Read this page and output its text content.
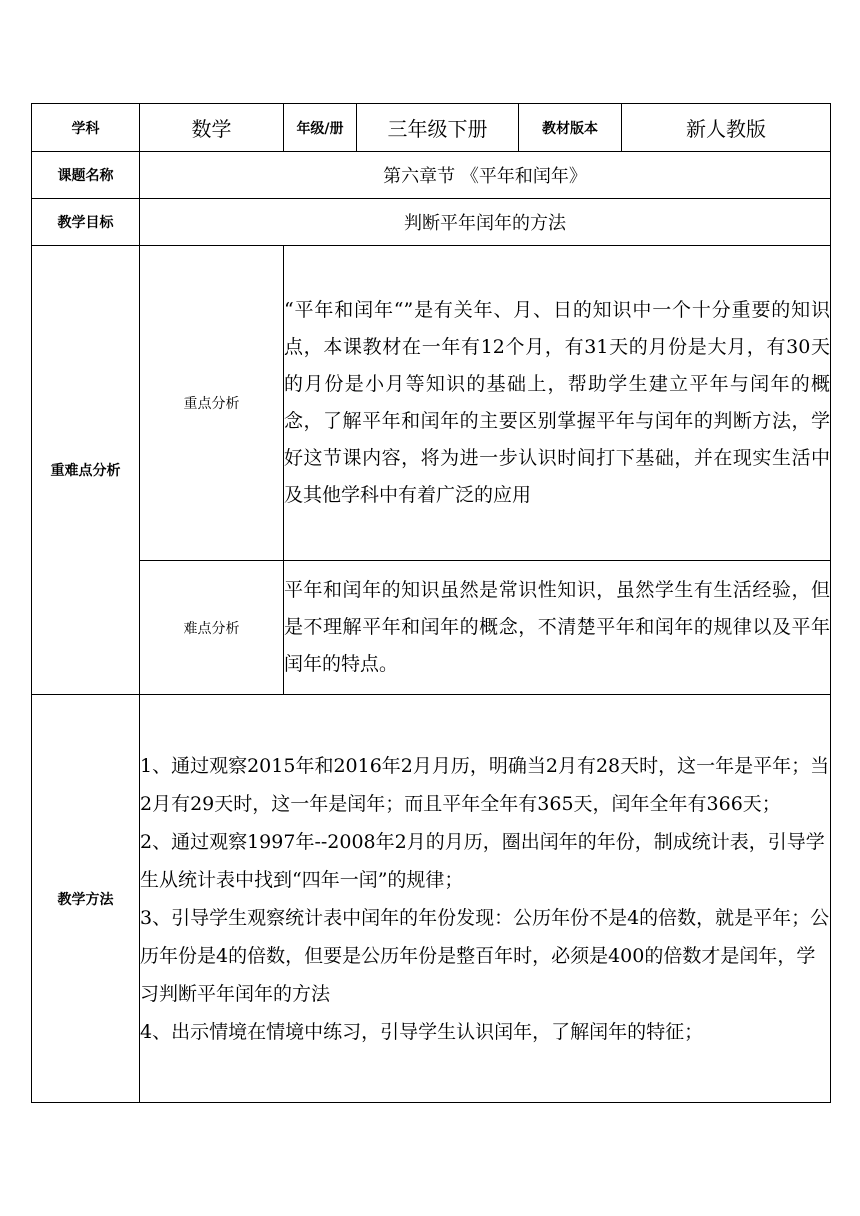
学科	数学	年级/册	三年级下册	教材版本	新人教版
课题名称	第六章节 《平年和闰年》				
教学目标	判断平年闰年的方法				
重难点分析	重点分析	“平年和闰年“”是有关年、月、日的知识中一个十分重要的知识点，本课教材在一年有12个月，有31天的月份是大月，有30天的月份是小月等知识的基础上，帮助学生建立平年与闰年的概念，了解平年和闰年的主要区别掌握平年与闰年的判断方法，学好这节课内容，将为进一步认识时间打下基础，并在现实生活中及其他学科中有着广泛的应用			

	难点分析	平年和闰年的知识虽然是常识性知识，虽然学生有生活经验，但是不理解平年和闰年的概念，不清楚平年和闰年的规律以及平年闰年的特点。			

教学方法	1、通过观察2015年和2016年2月月历，明确当2月有28天时，这一年是平年；当2月有29天时，这一年是闰年；而且平年全年有365天，闰年全年有366天；

2、通过观察1997年--2008年2月的月历，圈出闰年的年份，制成统计表，引导学生从统计表中找到“四年一闰”的规律；

3、引导学生观察统计表中闰年的年份发现：公历年份不是4的倍数，就是平年；公历年份是4的倍数，但要是公历年份是整百年时，必须是400的倍数才是闰年，学习判断平年闰年的方法

4、出示情境在情境中练习，引导学生认识闰年，了解闰年的特征；				
